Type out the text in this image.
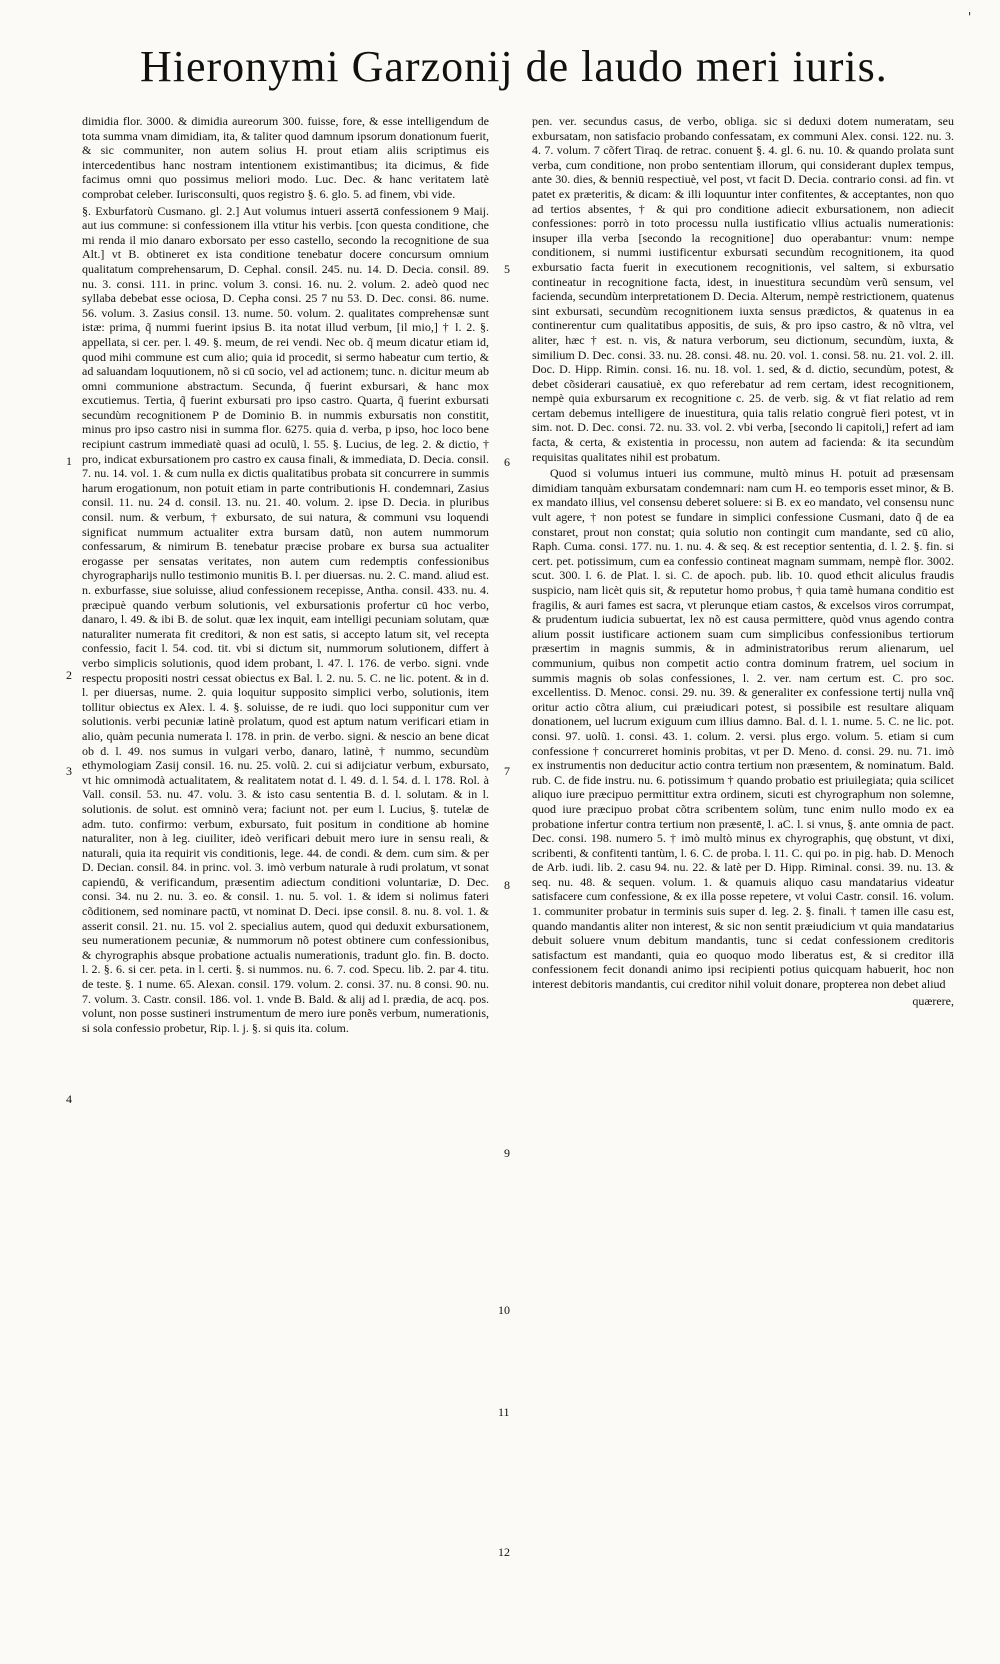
Hieronymi Garzonij de laudo meri iuris.
'

dimidia flor. 3000. & dimidia aureorum 300. fuisse, fore, & esse intelligendum de tota summa vnam dimidiam, ita, & taliter quod damnum ipsorum donationum fuerit, & sic communiter, non autem solius H. prout etiam aliis scriptimus eis intercedentibus hanc nostram intentionem existimantibus; ita dicimus, & fide facimus omni quo possimus meliori modo. Luc. Dec. & hanc veritatem latè comprobat celeber. Iurisconsulti, quos registro §. 6. glo. 5. ad finem, vbi vide.

§. Exburfatorù Cusmano. gl. 2.] Aut volumus intueri assertā confessionem 9 Maij. aut ius commune: si confessionem illa vtitur his verbis. [con questa conditione, che mi renda il mio danaro exborsato per esso castello, secondo la recognitione de sua Alt.] vt B. obtineret ex ista conditione tenebatur docere concursum omnium qualitatum comprehensarum, D. Cephal. consil. 245. nu. 14. D. Decia. consil. 89. nu. 3. consi. 111. in princ. volum 3. consi. 16. nu. 2. volum. 2. adeò quod nec syllaba debebat esse ociosa, D. Cepha consi. 25 7 nu 53. D. Dec. consi. 86. nume. 56. volum. 3. Zasius consil. 13. nume. 50. volum. 2. qualitates comprehensæ sunt istæ: prima, q̃ nummi fuerint ipsius B. ita notat illud verbum, [il mio,] † l. 2. §. appellata, si cer. per. l. 49. §. meum, de rei vendi. Nec ob. q̃ meum dicatur etiam id, quod mihi commune est cum alio; quia id procedit, si sermo habeatur cum tertio, & ad saluandam loquutionem, nõ si cū socio, vel ad actionem; tunc. n. dicitur meum ab omni communione abstractum. Secunda, q̃ fuerint exbursari, & hanc mox excutiemus. Tertia, q̃ fuerint exbursati pro ipso castro. Quarta, q̃ fuerint exbursati secundùm recognitionem P de Dominio B. in nummis exbursatis non constitit, minus pro ipso castro nisi in summa flor. 6275. quia d. verba, p ipso, hoc loco bene recipiunt castrum immediatè quasi ad oculũ, l. 55. §. Lucius, de leg. 2. & dictio, † pro, indicat exbursationem pro castro ex causa finali, & immediata, D. Decia. consil. 7. nu. 14. vol. 1. & cum nulla ex dictis qualitatibus probata sit concurrere in summis harum erogationum, non potuit etiam in parte contributionis H. condemnari, Zasius consil. 11. nu. 24 d. consil. 13. nu. 21. 40. volum. 2. ipse D. Decia. in pluribus consil. num. & verbum, † exbursato, de sui natura, & communi vsu loquendi significat nummum actualiter extra bursam datũ, non autem nummorum confessarum, & nimirum B. tenebatur præcise probare ex bursa sua actualiter erogasse per sensatas veritates, non autem cum redemptis confessionibus chyrographarijs nullo testimonio munitis B. l. per diuersas. nu. 2. C. mand. aliud est. n. exburfasse, siue soluisse, aliud confessionem recepisse, Antha. consil. 433. nu. 4. præcipuè quando verbum solutionis, vel exbursationis profertur cū hoc verbo, danaro, l. 49. & ibi B. de solut. quæ lex inquit, eam intelligi pecuniam solutam, quæ naturaliter numerata fit creditori, & non est satis, si accepto latum sit, vel recepta confessio, facit l. 54. cod. tit. vbi si dictum sit, nummorum solutionem, differt à verbo simplicis solutionis, quod idem probant, l. 47. l. 176. de verbo. signi. vnde respectu propositi nostri cessat obiectus ex Bal. l. 2. nu. 5. C. ne lic. potent. & in d. l. per diuersas, nume. 2. quia loquitur supposito simplici verbo, solutionis, item tollitur obiectus ex Alex. l. 4. §. soluisse, de re iudi. quo loci supponitur cum ver solutionis. verbi pecuniæ latinè prolatum, quod est aptum natum verificari etiam in alio, quàm pecunia numerata l. 178. in prin. de verbo. signi. & nescio an bene dicat ob d. l. 49. nos sumus in vulgari verbo, danaro, latinè, † nummo, secundùm ethymologiam Zasij consil. 16. nu. 25. volũ. 2. cui si adijciatur verbum, exbursato, vt hic omnimodà actualitatem, & realitatem notat d. l. 49. d. l. 54. d. l. 178. Rol. à Vall. consil. 53. nu. 47. volu. 3. & isto casu sententia B. d. l. solutam. & in l. solutionis. de solut. est omninò vera; faciunt not. per eum l. Lucius, §. tutelæ de adm. tuto. confirmo: verbum, exbursato, fuit positum in conditione ab homine naturaliter, non à leg. ciuiliter, ideò verificari debuit mero iure in sensu reali, & naturali, quia ita requirit vis conditionis, lege. 44. de condi. & dem. cum sim. & per D. Decian. consil. 84. in princ. vol. 3. imò verbum naturale à rudi prolatum, vt sonat capiendū, & verificandum, præsentim adiectum conditioni voluntariæ, D. Dec. consi. 34. nu 2. nu. 3. eo. & consil. 1. nu. 5. vol. 1. & idem si nolimus fateri cõditionem, sed nominare pactū, vt nominat D. Deci. ipse consil. 8. nu. 8. vol. 1. & asserit consil. 21. nu. 15. vol 2. specialius autem, quod qui deduxit exbursationem, seu numerationem pecuniæ, & nummorum nõ potest obtinere cum confessionibus, & chyrographis absque probatione actualis numerationis, tradunt glo. fin. B. docto. l. 2. §. 6. si cer. peta. in l. certi. §. si nummos. nu. 6. 7. cod. Specu. lib. 2. par 4. titu. de teste. §. 1 nume. 65. Alexan. consil. 179. volum. 2. consi. 37. nu. 8 consi. 90. nu. 7. volum. 3. Castr. consil. 186. vol. 1. vnde B. Bald. & alij ad l. prædia, de acq. pos. volunt, non posse sustineri instrumentum de mero iure ponẽs verbum, numerationis, si sola confessio probetur, Rip. l. j. §. si quis ita. colum.

pen. ver. secundus casus, de verbo, obliga. sic si deduxi dotem numeratam, seu exbursatam, non satisfacio probando confessatam, ex communi Alex. consi. 122. nu. 3. 4. 7. volum. 7 cõfert Tiraq. de retrac. conuent §. 4. gl. 6. nu. 10. & quando prolata sunt verba, cum conditione, non probo sententiam illorum, qui considerant duplex tempus, ante 30. dies, & benniū respectiuè, vel post, vt facit D. Decia. contrario consi. ad fin. vt patet ex præteritis, & dicam: & illi loquuntur inter confitentes, & acceptantes, non quo ad tertios absentes, † & qui pro conditione adiecit exbursationem, non adiecit confessiones: porrò in toto processu nulla iustificatio vllius actualis numerationis: insuper illa verba [secondo la recognitione] duo operabantur: vnum: nempe conditionem, si nummi iustificentur exbursati secundùm recognitionem, ita quod exbursatio facta fuerit in executionem recognitionis, vel saltem, si exbursatio contineatur in recognitione facta, idest, in inuestitura secundùm verũ sensum, vel facienda, secundùm interpretationem D. Decia. Alterum, nempè restrictionem, quatenus sint exbursati, secundùm recognitionem iuxta sensus prædictos, & quatenus in ea continerentur cum qualitatibus appositis, de suis, & pro ipso castro, & nõ vltra, vel aliter, hæc † est. n. vis, & natura verborum, seu dictionum, secundùm, iuxta, & similium D. Dec. consi. 33. nu. 28. consi. 48. nu. 20. vol. 1. consi. 58. nu. 21. vol. 2. ill. Doc. D. Hipp. Rimin. consi. 16. nu. 18. vol. 1. sed, & d. dictio, secundùm, potest, & debet cõsiderari causatiuè, ex quo referebatur ad rem certam, idest recognitionem, nempè quia exbursarum ex recognitione c. 25. de verb. sig. & vt fiat relatio ad rem certam debemus intelligere de inuestitura, quia talis relatio congruè fieri potest, vt in sim. not. D. Dec. consi. 72. nu. 33. vol. 2. vbi verba, [secondo li capitoli,] refert ad iam facta, & certa, & existentia in processu, non autem ad facienda: & ita secundùm requisitas qualitates nihil est probatum.

Quod si volumus intueri ius commune, multò minus H. potuit ad præsensam dimidiam tanquàm exbursatam condemnari: nam cum H. eo temporis esset minor, & B. ex mandato illius, vel consensu deberet soluere: si B. ex eo mandato, vel consensu nunc vult agere, † non potest se fundare in simplici confessione Cusmani, dato q̃ de ea constaret, prout non constat; quia solutio non contingit cum mandante, sed cū alio, Raph. Cuma. consi. 177. nu. 1. nu. 4. & seq. & est receptior sententia, d. l. 2. §. fin. si cert. pet. potissimum, cum ea confessio contineat magnam summam, nempè flor. 3002. scut. 300. l. 6. de Plat. l. si. C. de apoch. pub. lib. 10. quod ethcit aliculus fraudis suspicio, nam licèt quis sit, & reputetur homo probus, † quia tamè humana conditio est fragilis, & auri fames est sacra, vt plerunque etiam castos, & excelsos viros corrumpat, & prudentum iudicia subuertat, lex nõ est causa permittere, quòd vnus agendo contra alium possit iustificare actionem suam cum simplicibus confessionibus tertiorum præsertim in magnis summis, & in administratoribus rerum alienarum, uel communium, quibus non competit actio contra dominum fratrem, uel socium in summis magnis ob solas confessiones, l. 2. ver. nam certum est. C. pro soc. excellentiss. D. Menoc. consi. 29. nu. 39. & generaliter ex confessione tertij nulla vnq̃ oritur actio cõtra alium, cui præiudicari potest, si possibile est resultare aliquam donationem, uel lucrum exiguum cum illius damno. Bal. d. l. 1. nume. 5. C. ne lic. pot. consi. 97. uolũ. 1. consi. 43. 1. colum. 2. versi. plus ergo. volum. 5. etiam si cum confessione † concurreret hominis probitas, vt per D. Meno. d. consi. 29. nu. 71. imò ex instrumentis non deducitur actio contra tertium non præsentem, & nominatum. Bald. rub. C. de fide instru. nu. 6. potissimum † quando probatio est priuilegiata; quia scilicet aliquo iure præcipuo permittitur extra ordinem, sicuti est chyrographum non solemne, quod iure præcipuo probat cõtra scribentem solùm, tunc enim nullo modo ex ea probatione infertur contra tertium non præsentē, l. aC. l. si vnus, §. ante omnia de pact. Dec. consi. 198. numero 5. † imò multò minus ex chyrographis, quę obstunt, vt dixi, scribenti, & confitenti tantùm, l. 6. C. de proba. l. 11. C. qui po. in pig. hab. D. Menoch de Arb. iudi. lib. 2. casu 94. nu. 22. & latè per D. Hipp. Riminal. consi. 39. nu. 13. & seq. nu. 48. & sequen. volum. 1. & quamuis aliquo casu mandatarius videatur satisfacere cum confessione, & ex illa posse repetere, vt volui Castr. consil. 16. volum. 1. communiter probatur in terminis suis super d. leg. 2. §. finali. † tamen ille casu est, quando mandantis aliter non interest, & sic non sentit præiudicium vt quia mandatarius debuit soluere vnum debitum mandantis, tunc si cedat confessionem creditoris satisfactum est mandanti, quia eo quoquo modo liberatus est, & si creditor illā confessionem fecit donandi animo ipsi recipienti potius quicquam habuerit, hoc non interest debitoris mandantis, cui creditor nihil voluit donare, propterea non debet aliud

quærere,

5
1	6
2
3	7
8
4
9
10
11
12
